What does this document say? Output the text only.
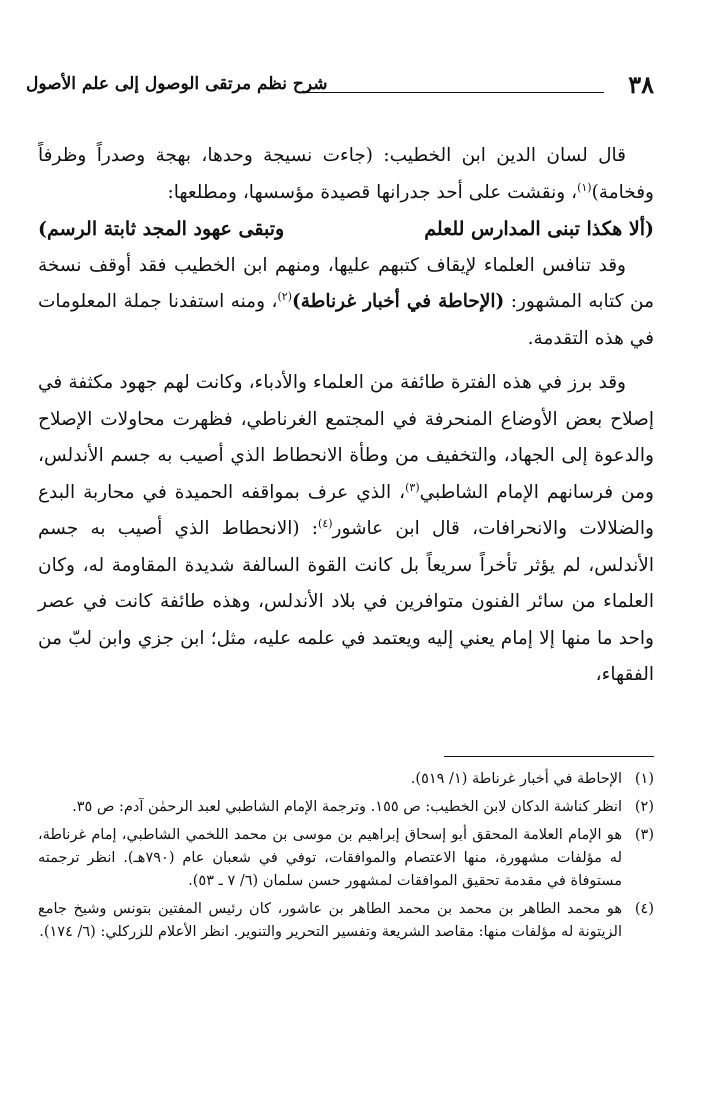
٣٨
شرح نظم مرتقى الوصول إلى علم الأصول

قال لسان الدين ابن الخطيب: (جاءت نسيجة وحدها، بهجة وصدراً وظرفاً وفخامة)$^{(١)}$، ونقشت على أحد جدرانها قصيدة مؤسسها، ومطلعها:

(ألا هكذا تبنى المدارس للعلم
وتبقى عهود المجد ثابتة الرسم)

وقد تنافس العلماء لإيقاف كتبهم عليها، ومنهم ابن الخطيب فقد أوقف نسخة من كتابه المشهور: (الإحاطة في أخبار غرناطة)$^{(٢)}$، ومنه استفدنا جملة المعلومات في هذه التقدمة.

وقد برز في هذه الفترة طائفة من العلماء والأدباء، وكانت لهم جهود مكثفة في إصلاح بعض الأوضاع المنحرفة في المجتمع الغرناطي، فظهرت محاولات الإصلاح والدعوة إلى الجهاد، والتخفيف من وطأة الانحطاط الذي أصيب به جسم الأندلس، ومن فرسانهم الإمام الشاطبي$^{(٣)}$، الذي عرف بمواقفه الحميدة في محاربة البدع والضلالات والانحرافات، قال ابن عاشور$^{(٤)}$: (الانحطاط الذي أصيب به جسم الأندلس، لم يؤثر تأخراً سريعاً بل كانت القوة السالفة شديدة المقاومة له، وكان العلماء من سائر الفنون متوافرين في بلاد الأندلس، وهذه طائفة كانت في عصر واحد ما منها إلا إمام يعني إليه ويعتمد في علمه عليه، مثل؛ ابن جزي وابن لبّ من الفقهاء،

(١)
الإحاطة في أخبار غرناطة (١/ ٥١٩).
(٢)
انظر كناشة الدكان لابن الخطيب: ص ١٥٥. وترجمة الإمام الشاطبي لعبد الرحمٰن آدم: ص ٣٥.
(٣)
هو الإمام العلامة المحقق أبو إسحاق إبراهيم بن موسى بن محمد اللخمي الشاطبي، إمام غرناطة، له مؤلفات مشهورة، منها الاعتصام والموافقات، توفي في شعبان عام (٧٩٠هـ). انظر ترجمته مستوفاة في مقدمة تحقيق الموافقات لمشهور حسن سلمان (٦/ ٧ ـ ٥٣).
(٤)
هو محمد الطاهر بن محمد بن محمد الطاهر بن عاشور، كان رئيس المفتين بتونس وشيخ جامع الزيتونة له مؤلفات منها: مقاصد الشريعة وتفسير التحرير والتنوير. انظر الأعلام للزركلي: (٦/ ١٧٤).
